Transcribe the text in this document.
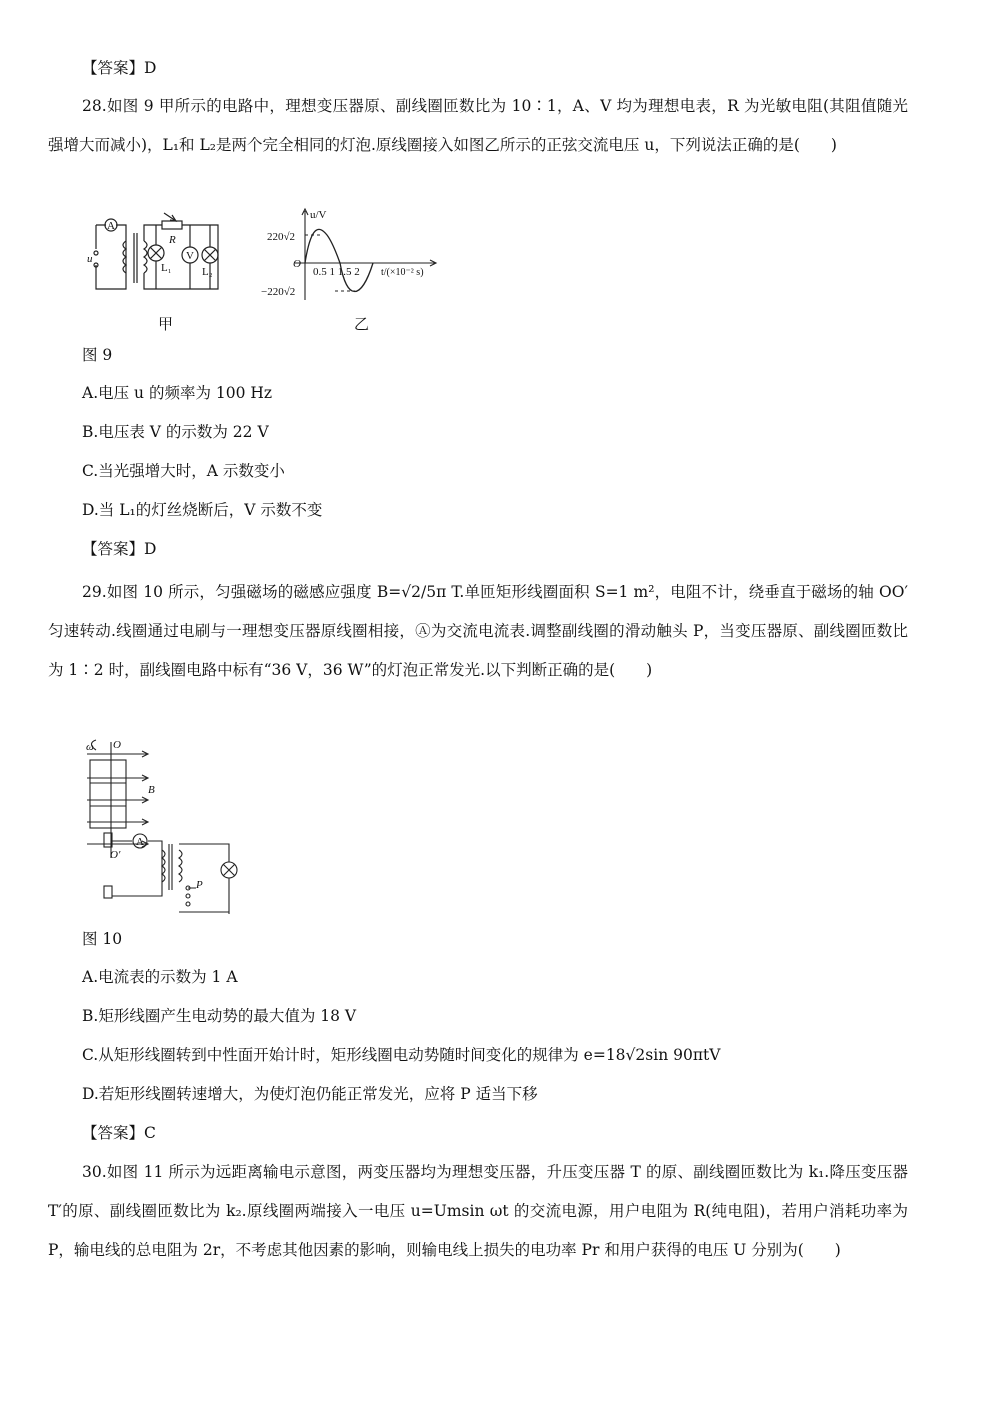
【答案】D
28.如图 9 甲所示的电路中，理想变压器原、副线圈匝数比为 10∶1，A、V 均为理想电表，R 为光敏电阻(其阻值随光强增大而减小)，L₁和 L₂是两个完全相同的灯泡.原线圈接入如图乙所示的正弦交流电压 u，下列说法正确的是(　　)
A
u
R
V
L₁	L₂
u/V
220√2
O
0.5 1 1.5 2 t/(×10⁻² s)
−220√2
甲	乙
图 9
A.电压 u 的频率为 100 Hz
B.电压表 V 的示数为 22 V
C.当光强增大时，A 示数变小
D.当 L₁的灯丝烧断后，V 示数不变
【答案】D
29.如图 10 所示，匀强磁场的磁感应强度 B=√2/5π T.单匝矩形线圈面积 S=1 m²，电阻不计，绕垂直于磁场的轴 OO′匀速转动.线圈通过电刷与一理想变压器原线圈相接，Ⓐ为交流电流表.调整副线圈的滑动触头 P，当变压器原、副线圈匝数比为 1∶2 时，副线圈电路中标有“36 V，36 W”的灯泡正常发光.以下判断正确的是(　　)
ω O
B
O′
A
P
图 10
A.电流表的示数为 1 A
B.矩形线圈产生电动势的最大值为 18 V
C.从矩形线圈转到中性面开始计时，矩形线圈电动势随时间变化的规律为 e=18√2sin 90πtV
D.若矩形线圈转速增大，为使灯泡仍能正常发光，应将 P 适当下移
【答案】C
30.如图 11 所示为远距离输电示意图，两变压器均为理想变压器，升压变压器 T 的原、副线圈匝数比为 k₁.降压变压器 T′的原、副线圈匝数比为 k₂.原线圈两端接入一电压 u=Umsin ωt 的交流电源，用户电阻为 R(纯电阻)，若用户消耗功率为 P，输电线的总电阻为 2r，不考虑其他因素的影响，则输电线上损失的电功率 Pr 和用户获得的电压 U 分别为(　　)
